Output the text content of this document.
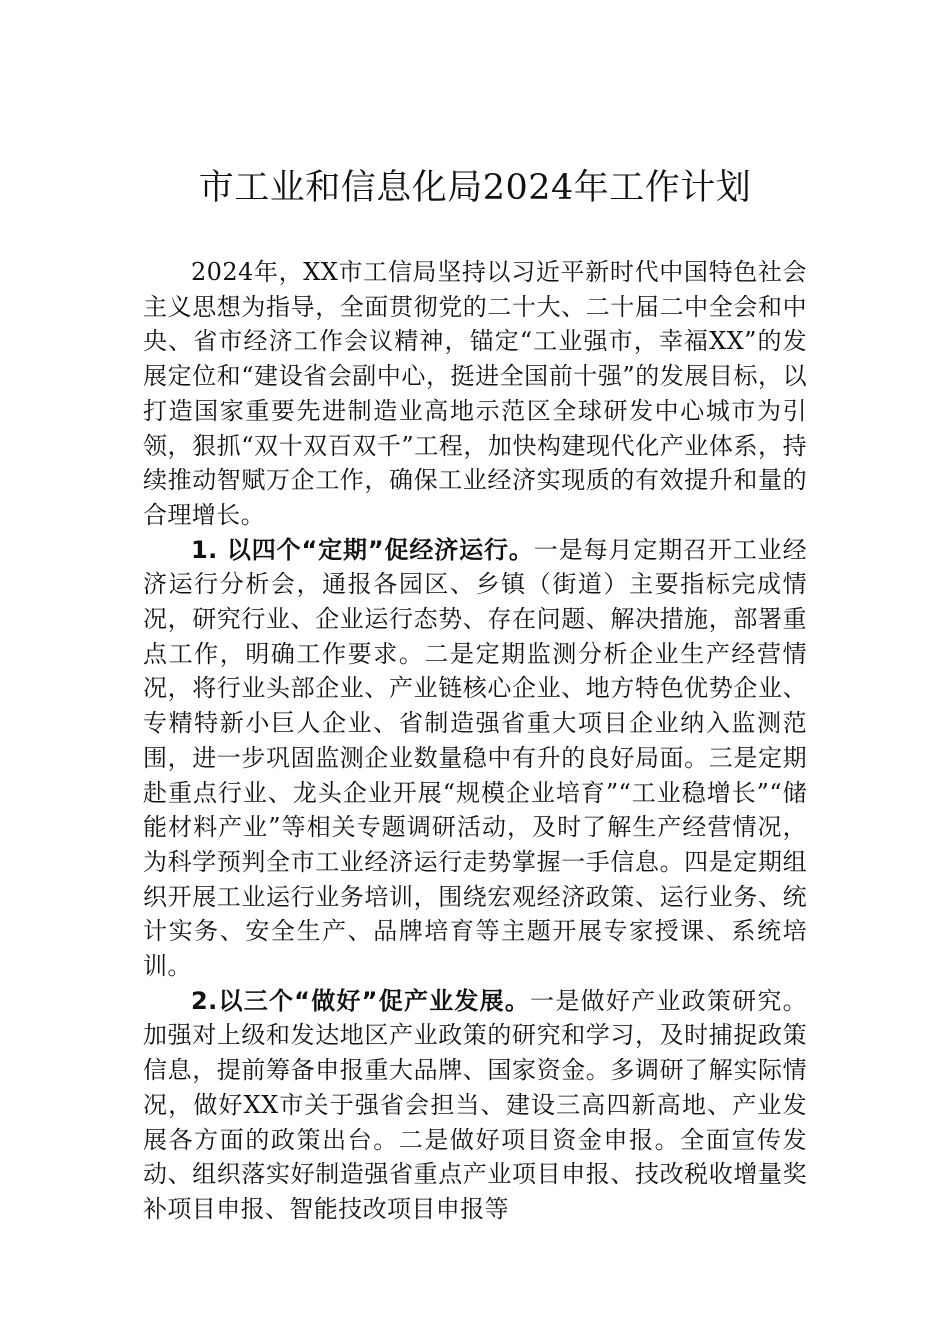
市工业和信息化局2024年工作计划

2024年，XX市工信局坚持以习近平新时代中国特色社会主义思想为指导，全面贯彻党的二十大、二十届二中全会和中央、省市经济工作会议精神，锚定“工业强市，幸福XX”的发展定位和“建设省会副中心，挺进全国前十强”的发展目标，以打造国家重要先进制造业高地示范区全球研发中心城市为引领，狠抓“双十双百双千”工程，加快构建现代化产业体系，持续推动智赋万企工作，确保工业经济实现质的有效提升和量的合理增长。

1. 以四个“定期”促经济运行。一是每月定期召开工业经济运行分析会，通报各园区、乡镇（街道）主要指标完成情况，研究行业、企业运行态势、存在问题、解决措施，部署重点工作，明确工作要求。二是定期监测分析企业生产经营情况，将行业头部企业、产业链核心企业、地方特色优势企业、专精特新小巨人企业、省制造强省重大项目企业纳入监测范围，进一步巩固监测企业数量稳中有升的良好局面。三是定期赴重点行业、龙头企业开展“规模企业培育”“工业稳增长”“储能材料产业”等相关专题调研活动，及时了解生产经营情况，为科学预判全市工业经济运行走势掌握一手信息。四是定期组织开展工业运行业务培训，围绕宏观经济政策、运行业务、统计实务、安全生产、品牌培育等主题开展专家授课、系统培训。

2.以三个“做好”促产业发展。一是做好产业政策研究。加强对上级和发达地区产业政策的研究和学习，及时捕捉政策信息，提前筹备申报重大品牌、国家资金。多调研了解实际情况，做好XX市关于强省会担当、建设三高四新高地、产业发展各方面的政策出台。二是做好项目资金申报。全面宣传发动、组织落实好制造强省重点产业项目申报、技改税收增量奖补项目申报、智能技改项目申报等
